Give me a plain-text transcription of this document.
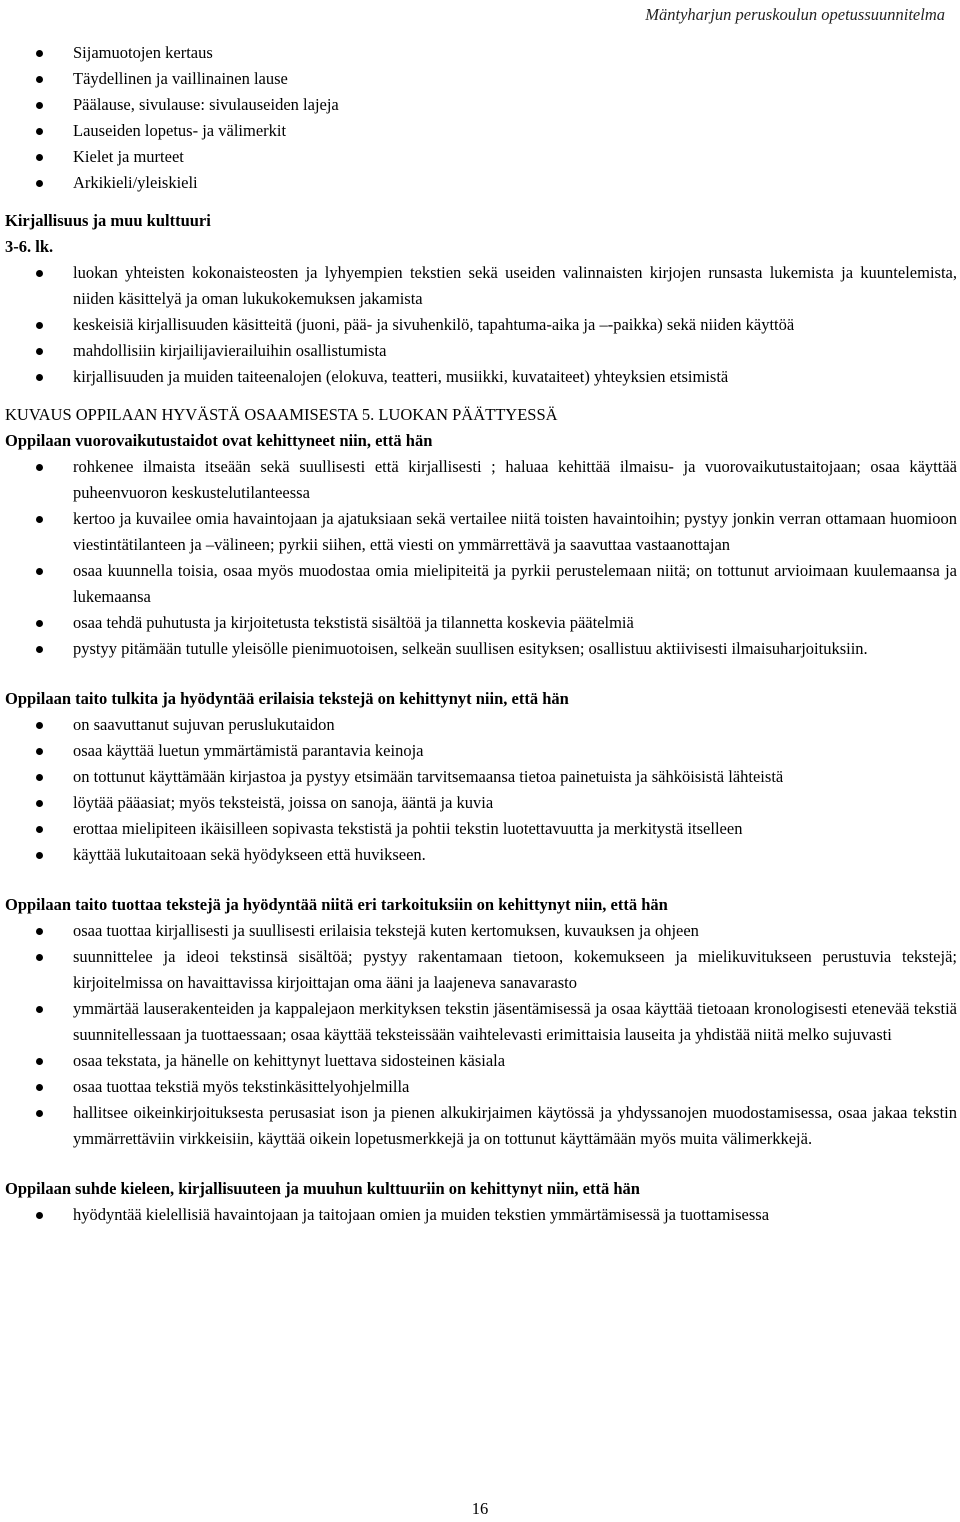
Mäntyharjun peruskoulun opetussuunnitelma
Sijamuotojen kertaus
Täydellinen ja vaillinainen lause
Päälause, sivulause: sivulauseiden lajeja
Lauseiden lopetus- ja välimerkit
Kielet ja murteet
Arkikieli/yleiskieli
Kirjallisuus ja muu kulttuuri
3-6. lk.
luokan yhteisten kokonaisteosten ja lyhyempien tekstien sekä useiden valinnaisten kirjojen runsasta lukemista ja kuuntelemista, niiden käsittelyä ja oman lukukokemuksen jakamista
keskeisiä kirjallisuuden käsitteitä (juoni, pää- ja sivuhenkilö, tapahtuma-aika ja –-paikka) sekä niiden käyttöä
mahdollisiin kirjailijavierailuihin osallistumista
kirjallisuuden ja muiden taiteenalojen (elokuva, teatteri, musiikki, kuvataiteet) yhteyksien etsimistä
KUVAUS OPPILAAN HYVÄSTÄ OSAAMISESTA 5. LUOKAN PÄÄTTYESSÄ
Oppilaan vuorovaikutustaidot ovat kehittyneet niin, että hän
rohkenee ilmaista itseään sekä suullisesti että kirjallisesti ; haluaa kehittää ilmaisu- ja vuorovaikutustaitojaan; osaa käyttää puheenvuoron keskustelutilanteessa
kertoo ja kuvailee omia havaintojaan ja ajatuksiaan sekä vertailee niitä toisten havaintoihin; pystyy jonkin verran ottamaan huomioon viestintätilanteen ja –välineen; pyrkii siihen, että viesti on ymmärrettävä ja saavuttaa vastaanottajan
osaa kuunnella toisia, osaa myös muodostaa omia mielipiteitä ja pyrkii perustelemaan niitä; on tottunut arvioimaan kuulemaansa ja lukemaansa
osaa tehdä puhutusta ja kirjoitetusta tekstistä sisältöä ja tilannetta koskevia päätelmiä
pystyy pitämään tutulle yleisölle pienimuotoisen, selkeän suullisen esityksen; osallistuu aktiivisesti ilmaisuharjoituksiin.
Oppilaan taito tulkita ja hyödyntää erilaisia tekstejä on kehittynyt niin, että hän
on saavuttanut sujuvan peruslukutaidon
osaa käyttää luetun ymmärtämistä parantavia keinoja
on tottunut käyttämään kirjastoa ja pystyy etsimään tarvitsemaansa tietoa painetuista ja sähköisistä lähteistä
löytää pääasiat; myös teksteistä, joissa on sanoja, ääntä ja kuvia
erottaa mielipiteen ikäisilleen sopivasta tekstistä ja pohtii tekstin luotettavuutta ja merkitystä itselleen
käyttää lukutaitoaan sekä hyödykseen että huvikseen.
Oppilaan taito tuottaa tekstejä ja hyödyntää niitä eri tarkoituksiin on kehittynyt niin, että hän
osaa tuottaa kirjallisesti ja suullisesti erilaisia tekstejä kuten kertomuksen, kuvauksen ja ohjeen
suunnittelee ja ideoi tekstinsä sisältöä; pystyy rakentamaan tietoon, kokemukseen ja mielikuvitukseen perustuvia tekstejä; kirjoitelmissa on havaittavissa kirjoittajan oma ääni ja laajeneva sanavarasto
ymmärtää lauserakenteiden ja kappalejaon merkityksen tekstin jäsentämisessä ja osaa käyttää tietoaan kronologisesti etenevää tekstiä suunnitellessaan ja tuottaessaan; osaa käyttää teksteissään vaihtelevasti erimittaisia lauseita ja yhdistää niitä melko sujuvasti
osaa tekstata, ja hänelle on kehittynyt luettava sidosteinen käsiala
osaa tuottaa tekstiä myös tekstinkäsittelyohjelmilla
hallitsee oikeinkirjoituksesta perusasiat ison ja pienen alkukirjaimen käytössä ja yhdyssanojen muodostamisessa, osaa jakaa tekstin ymmärrettäviin virkkeisiin, käyttää oikein lopetusmerkkejä ja on tottunut käyttämään myös muita välimerkkejä.
Oppilaan suhde kieleen, kirjallisuuteen ja muuhun kulttuuriin on kehittynyt niin, että hän
hyödyntää kielellisiä havaintojaan ja taitojaan omien ja muiden tekstien ymmärtämisessä ja tuottamisessa
16
